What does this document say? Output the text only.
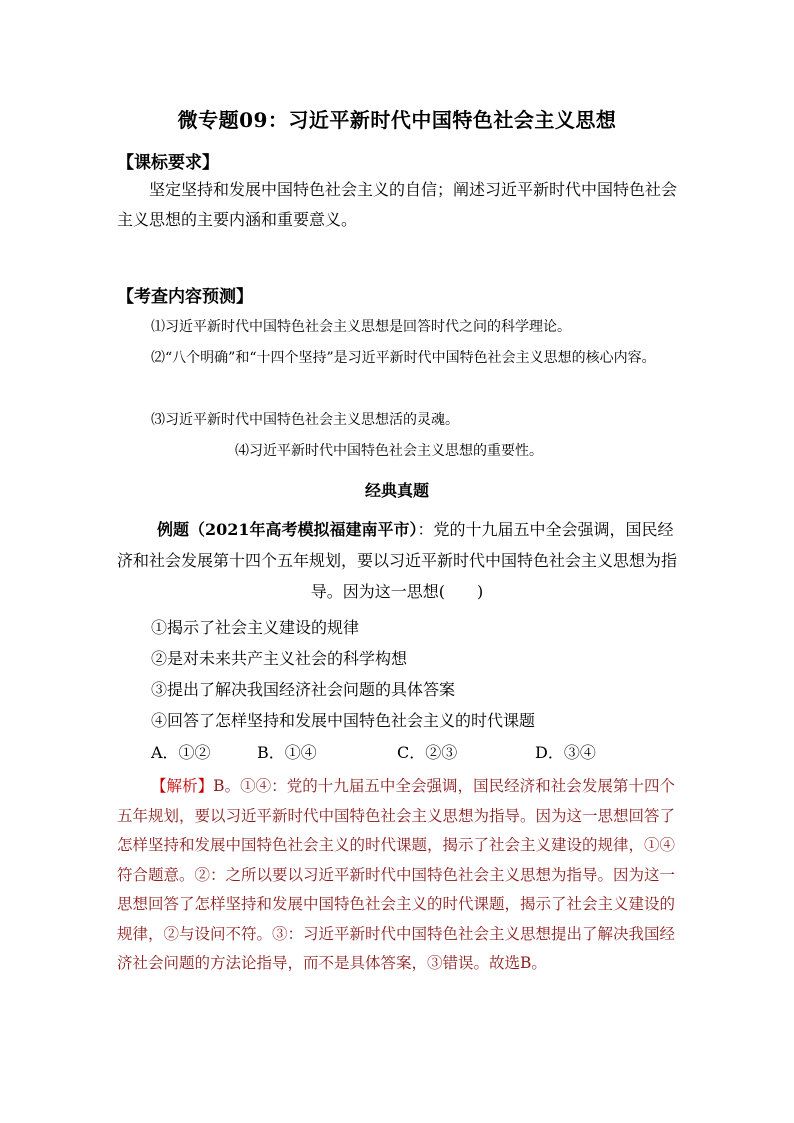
微专题09：习近平新时代中国特色社会主义思想
【课标要求】
坚定坚持和发展中国特色社会主义的自信；阐述习近平新时代中国特色社会主义思想的主要内涵和重要意义。
【考查内容预测】
⑴习近平新时代中国特色社会主义思想是回答时代之问的科学理论。
⑵“八个明确”和“十四个坚持”是习近平新时代中国特色社会主义思想的核心内容。
⑶习近平新时代中国特色社会主义思想活的灵魂。
⑷习近平新时代中国特色社会主义思想的重要性。
经典真题
例题（2021年高考模拟福建南平市）：党的十九届五中全会强调，国民经济和社会发展第十四个五年规划，要以习近平新时代中国特色社会主义思想为指导。因为这一思想(　　)
①揭示了社会主义建设的规律
②是对未来共产主义社会的科学构想
③提出了解决我国经济社会问题的具体答案
④回答了怎样坚持和发展中国特色社会主义的时代课题
A．①②	B．①④	C．②③	D．③④
【解析】B。①④：党的十九届五中全会强调，国民经济和社会发展第十四个五年规划，要以习近平新时代中国特色社会主义思想为指导。因为这一思想回答了怎样坚持和发展中国特色社会主义的时代课题，揭示了社会主义建设的规律，①④符合题意。②：之所以要以习近平新时代中国特色社会主义思想为指导。因为这一思想回答了怎样坚持和发展中国特色社会主义的时代课题，揭示了社会主义建设的规律，②与设问不符。③：习近平新时代中国特色社会主义思想提出了解决我国经济社会问题的方法论指导，而不是具体答案，③错误。故选B。
